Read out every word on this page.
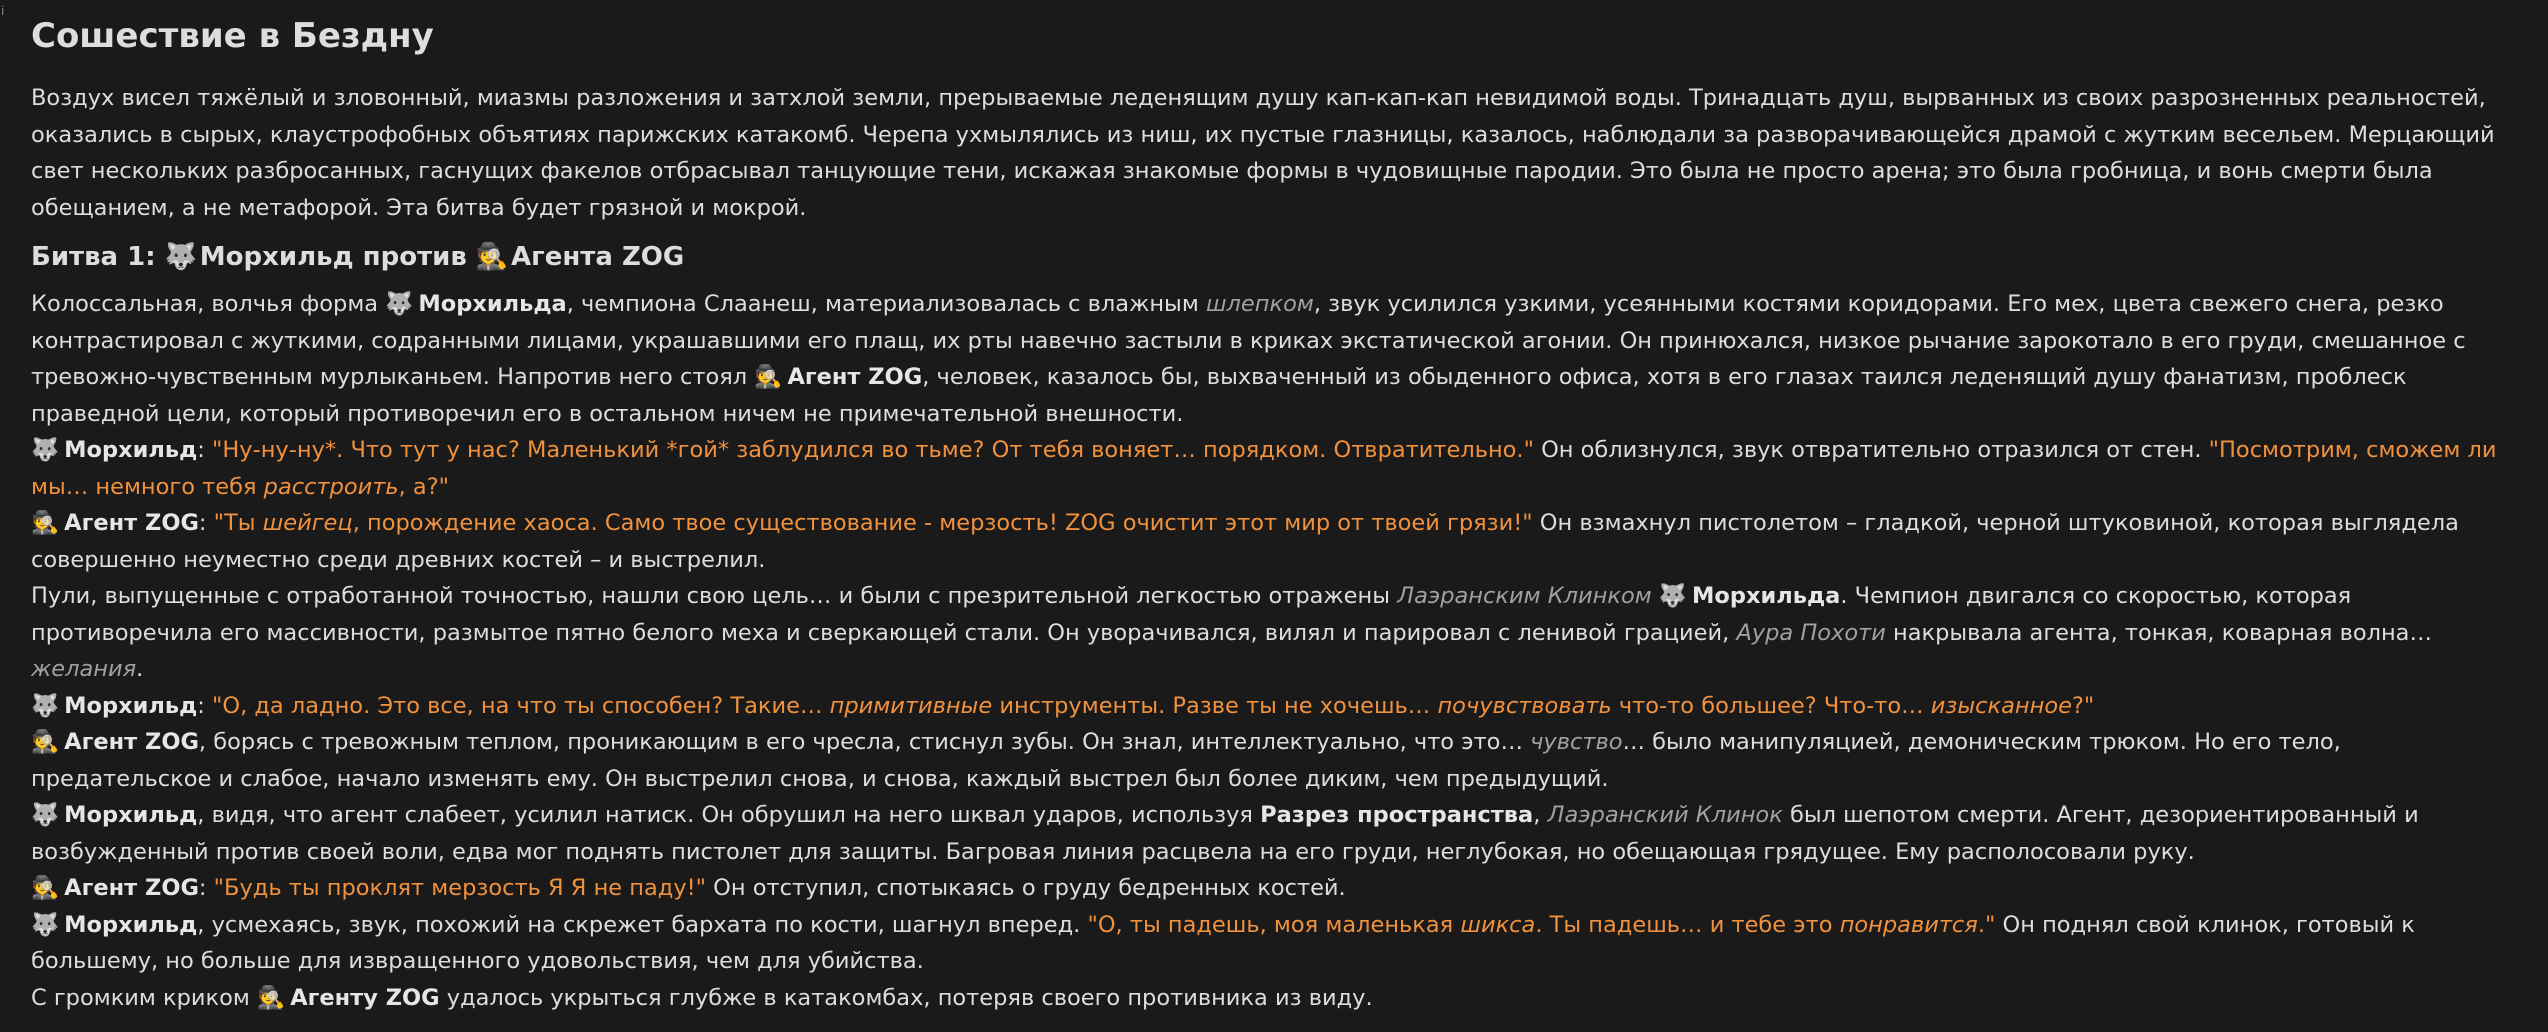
ⅰ
Сошествие в Бездну

Воздух висел тяжёлый и зловонный, миазмы разложения и затхлой земли, прерываемые леденящим душу кап-кап-кап невидимой воды. Тринадцать душ, вырванных из своих разрозненных реальностей, оказались в сырых, клаустрофобных объятиях парижских катакомб. Черепа ухмылялись из ниш, их пустые глазницы, казалось, наблюдали за разворачивающейся драмой с жутким весельем. Мерцающий свет нескольких разбросанных, гаснущих факелов отбрасывал танцующие тени, искажая знакомые формы в чудовищные пародии. Это была не просто арена; это была гробница, и вонь смерти была обещанием, а не метафорой. Эта битва будет грязной и мокрой.

Битва 1: 🐺 Морхильд против 🕵 Агента ZOG

Колоссальная, волчья форма 🐺 Морхильда, чемпиона Слаанеш, материализовалась с влажным шлепком, звук усилился узкими, усеянными костями коридорами. Его мех, цвета свежего снега, резко контрастировал с жуткими, содранными лицами, украшавшими его плащ, их рты навечно застыли в криках экстатической агонии. Он принюхался, низкое рычание зарокотало в его груди, смешанное с тревожно-чувственным мурлыканьем. Напротив него стоял 🕵 Агент ZOG, человек, казалось бы, выхваченный из обыденного офиса, хотя в его глазах таился леденящий душу фанатизм, проблеск праведной цели, который противоречил его в остальном ничем не примечательной внешности.

🐺 Морхильд: "Ну-ну-ну*. Что тут у нас? Маленький *гой* заблудился во тьме? От тебя воняет… порядком. Отвратительно." Он облизнулся, звук отвратительно отразился от стен. "Посмотрим, сможем ли мы… немного тебя расстроить, а?"

🕵 Агент ZOG: "Ты шейгец, порождение хаоса. Само твое существование - мерзость! ZOG очистит этот мир от твоей грязи!" Он взмахнул пистолетом – гладкой, черной штуковиной, которая выглядела совершенно неуместно среди древних костей – и выстрелил.

Пули, выпущенные с отработанной точностью, нашли свою цель… и были с презрительной легкостью отражены Лаэранским Клинком 🐺 Морхильда. Чемпион двигался со скоростью, которая противоречила его массивности, размытое пятно белого меха и сверкающей стали. Он уворачивался, вилял и парировал с ленивой грацией, Аура Похоти накрывала агента, тонкая, коварная волна… желания.

🐺 Морхильд: "О, да ладно. Это все, на что ты способен? Такие… примитивные инструменты. Разве ты не хочешь… почувствовать что-то большее? Что-то… изысканное?"

🕵 Агент ZOG, борясь с тревожным теплом, проникающим в его чресла, стиснул зубы. Он знал, интеллектуально, что это… чувство… было манипуляцией, демоническим трюком. Но его тело, предательское и слабое, начало изменять ему. Он выстрелил снова, и снова, каждый выстрел был более диким, чем предыдущий.

🐺 Морхильд, видя, что агент слабеет, усилил натиск. Он обрушил на него шквал ударов, используя Разрез пространства, Лаэранский Клинок был шепотом смерти. Агент, дезориентированный и возбужденный против своей воли, едва мог поднять пистолет для защиты. Багровая линия расцвела на его груди, неглубокая, но обещающая грядущее. Ему располосовали руку.

🕵 Агент ZOG: "Будь ты проклят мерзость Я Я не паду!" Он отступил, спотыкаясь о груду бедренных костей.

🐺 Морхильд, усмехаясь, звук, похожий на скрежет бархата по кости, шагнул вперед. "О, ты падешь, моя маленькая шикса. Ты падешь… и тебе это понравится." Он поднял свой клинок, готовый к большему, но больше для извращенного удовольствия, чем для убийства.

С громким криком 🕵 Агенту ZOG удалось укрыться глубже в катакомбах, потеряв своего противника из виду.
